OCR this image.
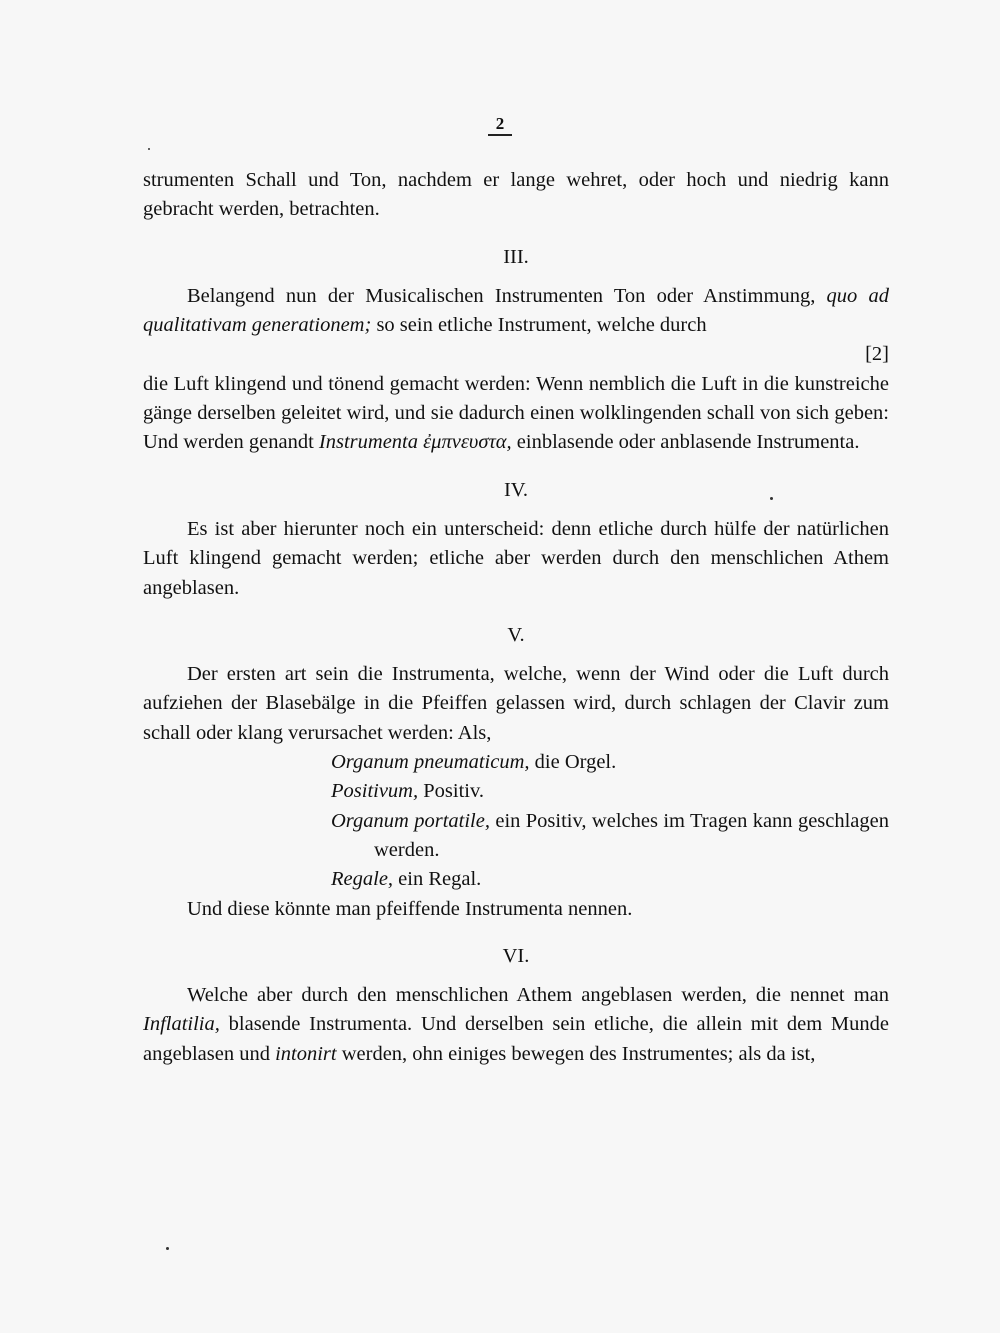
2

strumenten Schall und Ton, nachdem er lange wehret, oder hoch und niedrig kann gebracht werden, betrachten.

III.

Belangend nun der Musicalischen Instrumenten Ton oder Anstimmung, quo ad qualitativam generationem; so sein etliche Instrument, welche durch

[2]

die Luft klingend und tönend gemacht werden: Wenn nemblich die Luft in die kunstreiche gänge derselben geleitet wird, und sie dadurch einen wolklingenden schall von sich geben: Und werden genandt Instrumenta ἐμπνευστα, einblasende oder anblasende Instrumenta.

IV.

Es ist aber hierunter noch ein unterscheid: denn etliche durch hülfe der natürlichen Luft klingend gemacht werden; etliche aber werden durch den menschlichen Athem angeblasen.

V.

Der ersten art sein die Instrumenta, welche, wenn der Wind oder die Luft durch aufziehen der Blasebälge in die Pfeiffen gelassen wird, durch schlagen der Clavir zum schall oder klang verursachet werden: Als,

Organum pneumaticum, die Orgel.

Positivum, Positiv.

Organum portatile, ein Positiv, welches im Tragen kann geschlagen werden.

Regale, ein Regal.

Und diese könnte man pfeiffende Instrumenta nennen.

VI.

Welche aber durch den menschlichen Athem angeblasen werden, die nennet man Inflatilia, blasende Instrumenta. Und derselben sein etliche, die allein mit dem Munde angeblasen und intonirt werden, ohn einiges bewegen des Instrumentes; als da ist,
